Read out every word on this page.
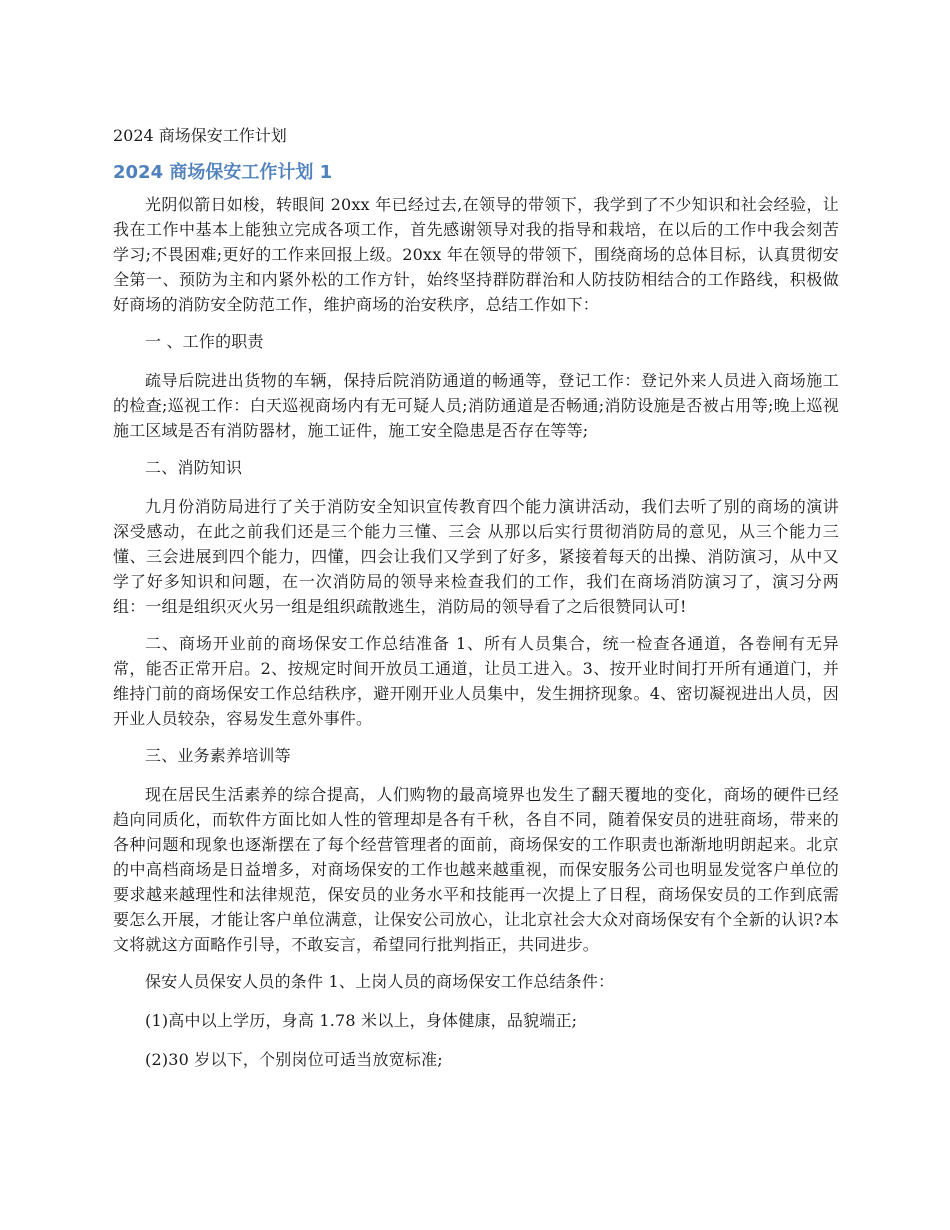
2024 商场保安工作计划
2024 商场保安工作计划 1

光阴似箭日如梭，转眼间 20xx 年已经过去,在领导的带领下，我学到了不少知识和社会经验，让我在工作中基本上能独立完成各项工作，首先感谢领导对我的指导和栽培，在以后的工作中我会刻苦学习;不畏困难;更好的工作来回报上级。20xx 年在领导的带领下，围绕商场的总体目标，认真贯彻安全第一、预防为主和内紧外松的工作方针，始终坚持群防群治和人防技防相结合的工作路线，积极做好商场的消防安全防范工作，维护商场的治安秩序，总结工作如下：

一 、工作的职责

疏导后院进出货物的车辆，保持后院消防通道的畅通等，登记工作：登记外来人员进入商场施工的检查;巡视工作：白天巡视商场内有无可疑人员;消防通道是否畅通;消防设施是否被占用等;晚上巡视施工区域是否有消防器材，施工证件，施工安全隐患是否存在等等;

二、消防知识

九月份消防局进行了关于消防安全知识宣传教育四个能力演讲活动，我们去听了别的商场的演讲深受感动，在此之前我们还是三个能力三懂、三会 从那以后实行贯彻消防局的意见，从三个能力三懂、三会进展到四个能力，四懂，四会让我们又学到了好多，紧接着每天的出操、消防演习，从中又学了好多知识和问题，在一次消防局的领导来检查我们的工作，我们在商场消防演习了，演习分两组：一组是组织灭火另一组是组织疏散逃生，消防局的领导看了之后很赞同认可!

二、商场开业前的商场保安工作总结准备 1、所有人员集合，统一检查各通道，各卷闸有无异常，能否正常开启。2、按规定时间开放员工通道，让员工进入。3、按开业时间打开所有通道门，并维持门前的商场保安工作总结秩序，避开刚开业人员集中，发生拥挤现象。4、密切凝视进出人员，因开业人员较杂，容易发生意外事件。

三、业务素养培训等

现在居民生活素养的综合提高，人们购物的最高境界也发生了翻天覆地的变化，商场的硬件已经趋向同质化，而软件方面比如人性的管理却是各有千秋，各自不同，随着保安员的进驻商场，带来的各种问题和现象也逐渐摆在了每个经营管理者的面前，商场保安的工作职责也渐渐地明朗起来。北京的中高档商场是日益增多，对商场保安的工作也越来越重视，而保安服务公司也明显发觉客户单位的要求越来越理性和法律规范，保安员的业务水平和技能再一次提上了日程，商场保安员的工作到底需要怎么开展，才能让客户单位满意，让保安公司放心，让北京社会大众对商场保安有个全新的认识?本文将就这方面略作引导，不敢妄言，希望同行批判指正，共同进步。

保安人员保安人员的条件 1、上岗人员的商场保安工作总结条件：

(1)高中以上学历，身高 1.78 米以上，身体健康，品貌端正;

(2)30 岁以下，个别岗位可适当放宽标准;
